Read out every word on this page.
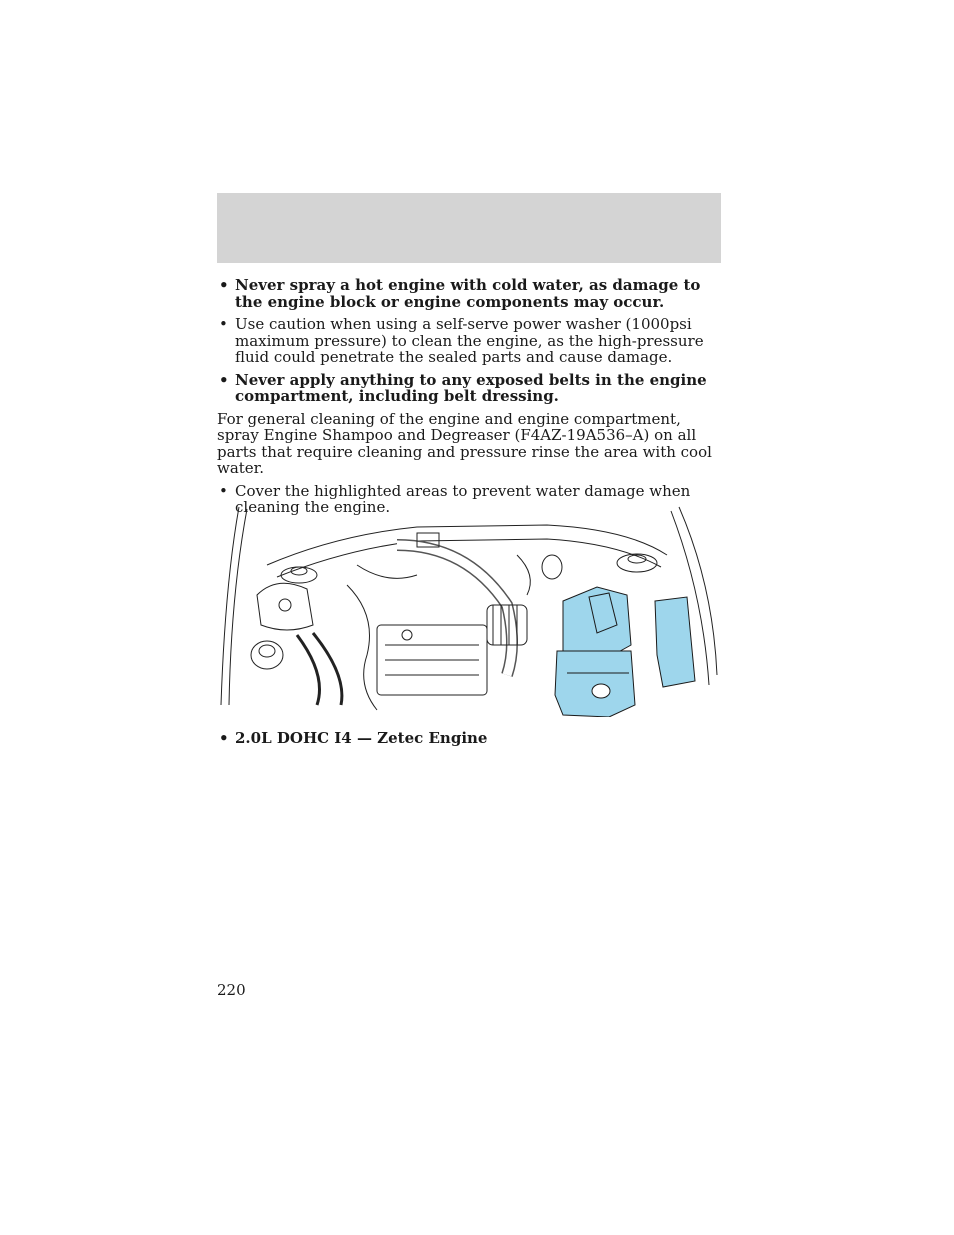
• Never spray a hot engine with cold water, as damage to the engine block or engine components may occur.
• Use caution when using a self-serve power washer (1000psi maximum pressure) to clean the engine, as the high-pressure fluid could penetrate the sealed parts and cause damage.
• Never apply anything to any exposed belts in the engine compartment, including belt dressing.

For general cleaning of the engine and engine compartment, spray Engine Shampoo and Degreaser (F4AZ-19A536–A) on all parts that require cleaning and pressure rinse the area with cool water.

• Cover the highlighted areas to prevent water damage when cleaning the engine.
• 2.0L DOHC I4 — Zetec Engine
220
